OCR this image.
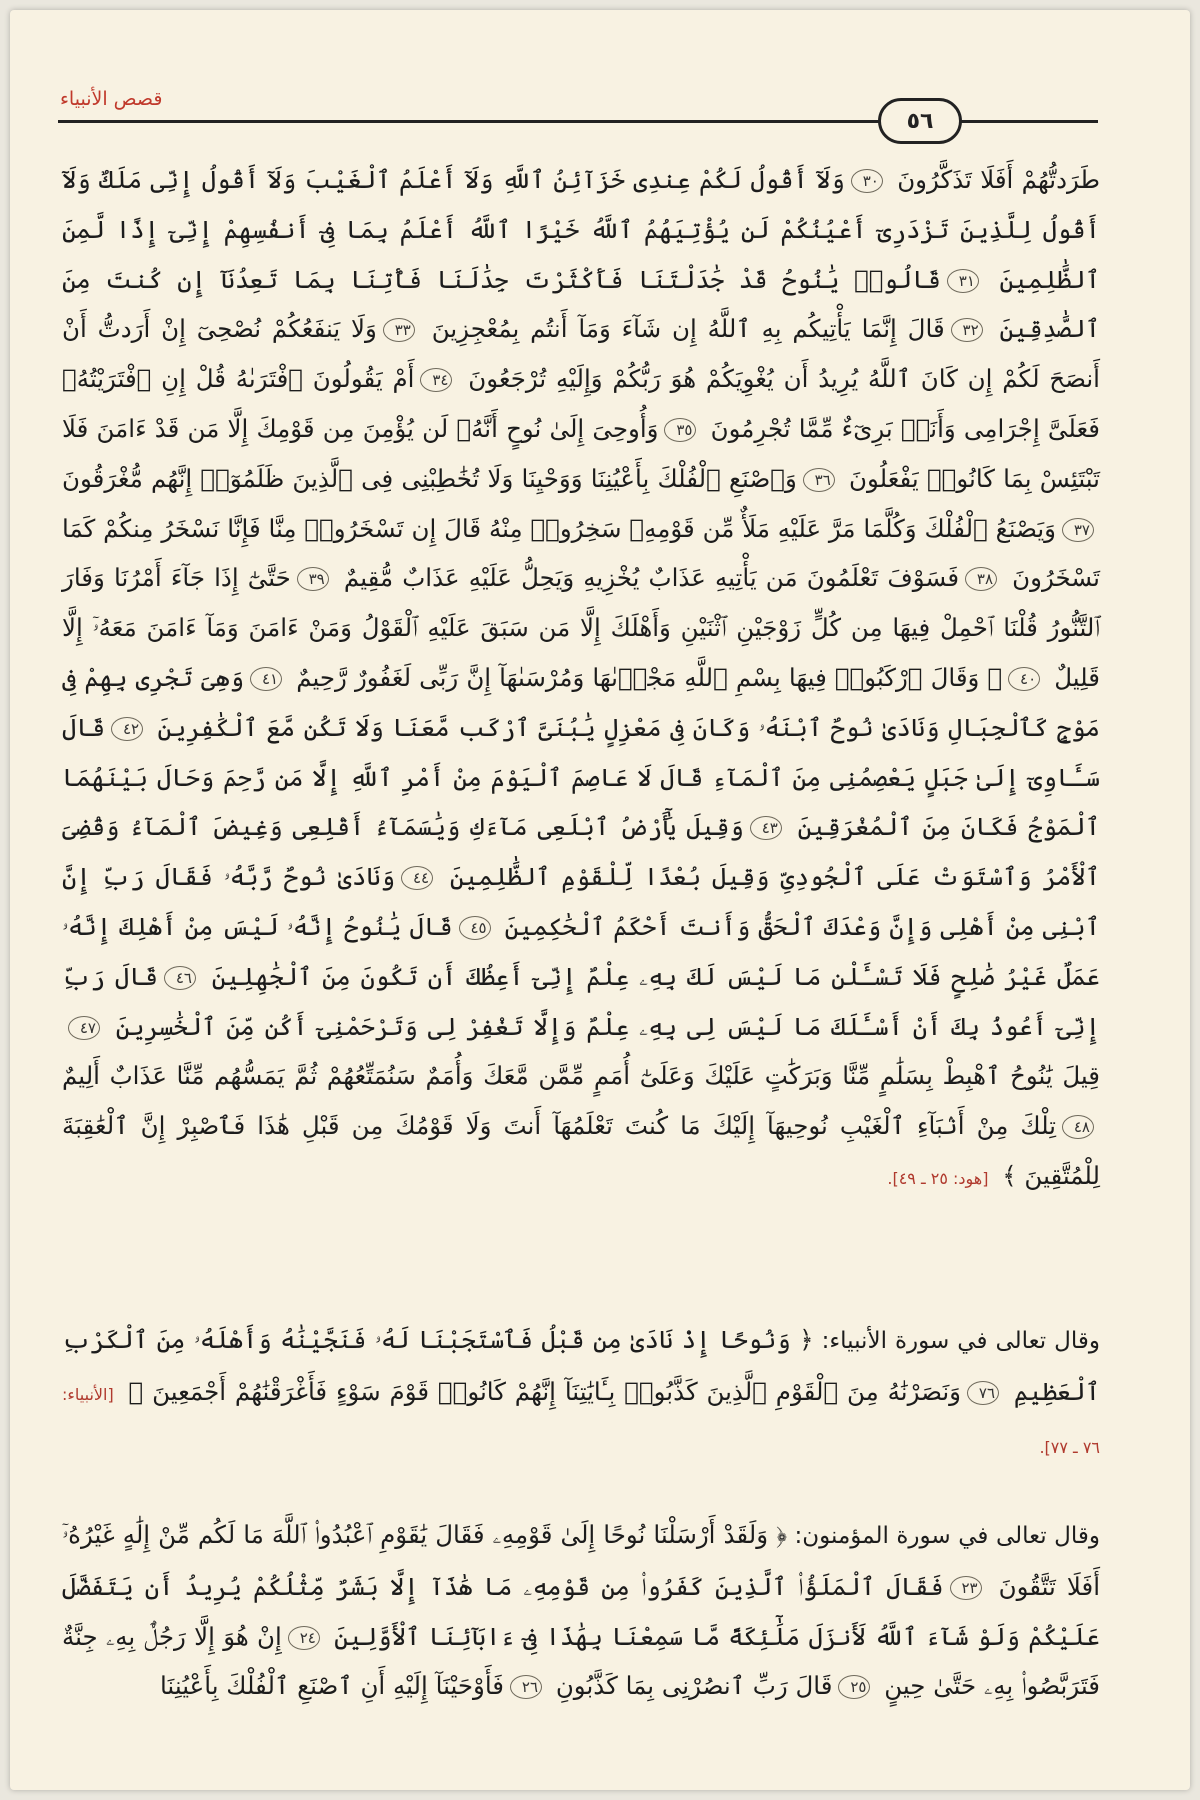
قصص الأنبياء
٥٦

طَرَدتُّهُمْ أَفَلَا تَذَكَّرُونَ ٣٠وَلَآ أَقُولُ لَكُمْ عِندِى خَزَآئِنُ ٱللَّهِ وَلَآ أَعْلَمُ ٱلْغَيْبَ وَلَآ أَقُولُ إِنِّى مَلَكٌ وَلَآ أَقُولُ لِلَّذِينَ تَزْدَرِىٓ أَعْيُنُكُمْ لَن يُؤْتِيَهُمُ ٱللَّهُ خَيْرًا ٱللَّهُ أَعْلَمُ بِمَا فِىٓ أَنفُسِهِمْ إِنِّىٓ إِذًا لَّمِنَ ٱلظَّٰلِمِينَ ٣١قَالُوا۟ يَٰنُوحُ قَدْ جَٰدَلْتَنَا فَأَكْثَرْتَ جِدَٰلَنَا فَأْتِنَا بِمَا تَعِدُنَآ إِن كُنتَ مِنَ ٱلصَّٰدِقِينَ ٣٢قَالَ إِنَّمَا يَأْتِيكُم بِهِ ٱللَّهُ إِن شَآءَ وَمَآ أَنتُم بِمُعْجِزِينَ ٣٣وَلَا يَنفَعُكُمْ نُصْحِىٓ إِنْ أَرَدتُّ أَنْ أَنصَحَ لَكُمْ إِن كَانَ ٱللَّهُ يُرِيدُ أَن يُغْوِيَكُمْ هُوَ رَبُّكُمْ وَإِلَيْهِ تُرْجَعُونَ ٣٤أَمْ يَقُولُونَ ٱفْتَرَىٰهُ قُلْ إِنِ ٱفْتَرَيْتُهُۥ فَعَلَىَّ إِجْرَامِى وَأَنَا۠ بَرِىٓءٌ مِّمَّا تُجْرِمُونَ ٣٥وَأُوحِىَ إِلَىٰ نُوحٍ أَنَّهُۥ لَن يُؤْمِنَ مِن قَوْمِكَ إِلَّا مَن قَدْ ءَامَنَ فَلَا تَبْتَئِسْ بِمَا كَانُوا۟ يَفْعَلُونَ ٣٦وَٱصْنَعِ ٱلْفُلْكَ بِأَعْيُنِنَا وَوَحْيِنَا وَلَا تُخَٰطِبْنِى فِى ٱلَّذِينَ ظَلَمُوٓا۟ إِنَّهُم مُّغْرَقُونَ ٣٧وَيَصْنَعُ ٱلْفُلْكَ وَكُلَّمَا مَرَّ عَلَيْهِ مَلَأٌ مِّن قَوْمِهِۦ سَخِرُوا۟ مِنْهُ قَالَ إِن تَسْخَرُوا۟ مِنَّا فَإِنَّا نَسْخَرُ مِنكُمْ كَمَا تَسْخَرُونَ ٣٨فَسَوْفَ تَعْلَمُونَ مَن يَأْتِيهِ عَذَابٌ يُخْزِيهِ وَيَحِلُّ عَلَيْهِ عَذَابٌ مُّقِيمٌ ٣٩حَتَّىٰٓ إِذَا جَآءَ أَمْرُنَا وَفَارَ ٱلتَّنُّورُ قُلْنَا ٱحْمِلْ فِيهَا مِن كُلٍّ زَوْجَيْنِ ٱثْنَيْنِ وَأَهْلَكَ إِلَّا مَن سَبَقَ عَلَيْهِ ٱلْقَوْلُ وَمَنْ ءَامَنَ وَمَآ ءَامَنَ مَعَهُۥٓ إِلَّا قَلِيلٌ ٤٠۞ وَقَالَ ٱرْكَبُوا۟ فِيهَا بِسْمِ ٱللَّهِ مَجْر۪ىٰهَا وَمُرْسَىٰهَآ إِنَّ رَبِّى لَغَفُورٌ رَّحِيمٌ ٤١وَهِىَ تَجْرِى بِهِمْ فِى مَوْجٍ كَٱلْجِبَالِ وَنَادَىٰ نُوحٌ ٱبْنَهُۥ وَكَانَ فِى مَعْزِلٍ يَٰبُنَىَّ ٱرْكَب مَّعَنَا وَلَا تَكُن مَّعَ ٱلْكَٰفِرِينَ ٤٢قَالَ سَـَٔاوِىٓ إِلَىٰ جَبَلٍ يَعْصِمُنِى مِنَ ٱلْمَآءِ قَالَ لَا عَاصِمَ ٱلْيَوْمَ مِنْ أَمْرِ ٱللَّهِ إِلَّا مَن رَّحِمَ وَحَالَ بَيْنَهُمَا ٱلْمَوْجُ فَكَانَ مِنَ ٱلْمُغْرَقِينَ ٤٣وَقِيلَ يَٰٓأَرْضُ ٱبْلَعِى مَآءَكِ وَيَٰسَمَآءُ أَقْلِعِى وَغِيضَ ٱلْمَآءُ وَقُضِىَ ٱلْأَمْرُ وَٱسْتَوَتْ عَلَى ٱلْجُودِىِّ وَقِيلَ بُعْدًا لِّلْقَوْمِ ٱلظَّٰلِمِينَ ٤٤وَنَادَىٰ نُوحٌ رَّبَّهُۥ فَقَالَ رَبِّ إِنَّ ٱبْنِى مِنْ أَهْلِى وَإِنَّ وَعْدَكَ ٱلْحَقُّ وَأَنتَ أَحْكَمُ ٱلْحَٰكِمِينَ ٤٥قَالَ يَٰنُوحُ إِنَّهُۥ لَيْسَ مِنْ أَهْلِكَ إِنَّهُۥ عَمَلٌ غَيْرُ صَٰلِحٍ فَلَا تَسْـَٔلْنِ مَا لَيْسَ لَكَ بِهِۦ عِلْمٌ إِنِّىٓ أَعِظُكَ أَن تَكُونَ مِنَ ٱلْجَٰهِلِينَ ٤٦قَالَ رَبِّ إِنِّىٓ أَعُوذُ بِكَ أَنْ أَسْـَٔلَكَ مَا لَيْسَ لِى بِهِۦ عِلْمٌ وَإِلَّا تَغْفِرْ لِى وَتَرْحَمْنِىٓ أَكُن مِّنَ ٱلْخَٰسِرِينَ ٤٧قِيلَ يَٰنُوحُ ٱهْبِطْ بِسَلَٰمٍ مِّنَّا وَبَرَكَٰتٍ عَلَيْكَ وَعَلَىٰٓ أُمَمٍ مِّمَّن مَّعَكَ وَأُمَمٌ سَنُمَتِّعُهُمْ ثُمَّ يَمَسُّهُم مِّنَّا عَذَابٌ أَلِيمٌ ٤٨تِلْكَ مِنْ أَنۢبَآءِ ٱلْغَيْبِ نُوحِيهَآ إِلَيْكَ مَا كُنتَ تَعْلَمُهَآ أَنتَ وَلَا قَوْمُكَ مِن قَبْلِ هَٰذَا فَٱصْبِرْ إِنَّ ٱلْعَٰقِبَةَ لِلْمُتَّقِينَ ﴾ [هود: ٢٥ ـ ٤٩].

وقال تعالى في سورة الأنبياء: ﴿ وَنُوحًا إِذْ نَادَىٰ مِن قَبْلُ فَٱسْتَجَبْنَا لَهُۥ فَنَجَّيْنَٰهُ وَأَهْلَهُۥ مِنَ ٱلْكَرْبِ ٱلْعَظِيمِ ٧٦وَنَصَرْنَٰهُ مِنَ ٱلْقَوْمِ ٱلَّذِينَ كَذَّبُوا۟ بِـَٔايَٰتِنَآ إِنَّهُمْ كَانُوا۟ قَوْمَ سَوْءٍ فَأَغْرَقْنَٰهُمْ أَجْمَعِينَ ﴾ [الأنبياء: ٧٦ ـ ٧٧].

وقال تعالى في سورة المؤمنون: ﴿ وَلَقَدْ أَرْسَلْنَا نُوحًا إِلَىٰ قَوْمِهِۦ فَقَالَ يَٰقَوْمِ ٱعْبُدُوا۟ ٱللَّهَ مَا لَكُم مِّنْ إِلَٰهٍ غَيْرُهُۥٓ أَفَلَا تَتَّقُونَ ٢٣فَقَالَ ٱلْمَلَؤُا۟ ٱلَّذِينَ كَفَرُوا۟ مِن قَوْمِهِۦ مَا هَٰذَآ إِلَّا بَشَرٌ مِّثْلُكُمْ يُرِيدُ أَن يَتَفَضَّلَ عَلَيْكُمْ وَلَوْ شَآءَ ٱللَّهُ لَأَنزَلَ مَلَٰٓئِكَةً مَّا سَمِعْنَا بِهَٰذَا فِىٓ ءَابَآئِنَا ٱلْأَوَّلِينَ ٢٤إِنْ هُوَ إِلَّا رَجُلٌۢ بِهِۦ جِنَّةٌ فَتَرَبَّصُوا۟ بِهِۦ حَتَّىٰ حِينٍ ٢٥قَالَ رَبِّ ٱنصُرْنِى بِمَا كَذَّبُونِ ٢٦فَأَوْحَيْنَآ إِلَيْهِ أَنِ ٱصْنَعِ ٱلْفُلْكَ بِأَعْيُنِنَا
